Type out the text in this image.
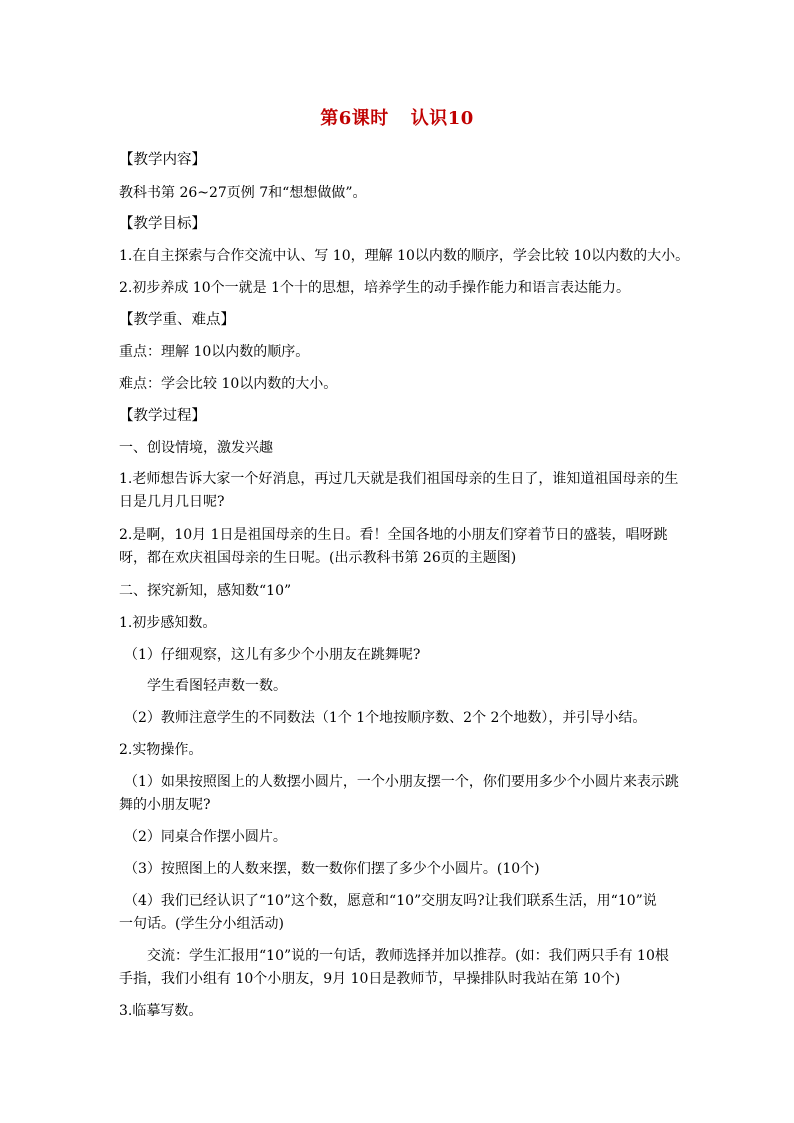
第6课时 认识10
【教学内容】
教科书第 26~27页例 7和“想想做做”。
【教学目标】
1.在自主探索与合作交流中认、写 10，理解 10以内数的顺序，学会比较 10以内数的大小。
2.初步养成 10个一就是 1个十的思想，培养学生的动手操作能力和语言表达能力。
【教学重、难点】
重点：理解 10以内数的顺序。
难点：学会比较 10以内数的大小。
【教学过程】
一、创设情境，激发兴趣
1.老师想告诉大家一个好消息，再过几天就是我们祖国母亲的生日了，谁知道祖国母亲的生
日是几月几日呢?
2.是啊，10月 1日是祖国母亲的生日。看！全国各地的小朋友们穿着节日的盛装，唱呀跳
呀，都在欢庆祖国母亲的生日呢。(出示教科书第 26页的主题图)
二、探究新知，感知数“10”
1.初步感知数。
（1）仔细观察，这儿有多少个小朋友在跳舞呢?
学生看图轻声数一数。
（2）教师注意学生的不同数法（1个 1个地按顺序数、2个 2个地数），并引导小结。
2.实物操作。
（1）如果按照图上的人数摆小圆片，一个小朋友摆一个，你们要用多少个小圆片来表示跳
舞的小朋友呢?
（2）同桌合作摆小圆片。
（3）按照图上的人数来摆，数一数你们摆了多少个小圆片。(10个)
（4）我们已经认识了“10”这个数，愿意和“10”交朋友吗?让我们联系生活，用“10”说
一句话。(学生分小组活动)
交流：学生汇报用“10”说的一句话，教师选择并加以推荐。(如：我们两只手有 10根
手指，我们小组有 10个小朋友，9月 10日是教师节，早操排队时我站在第 10个)
3.临摹写数。
